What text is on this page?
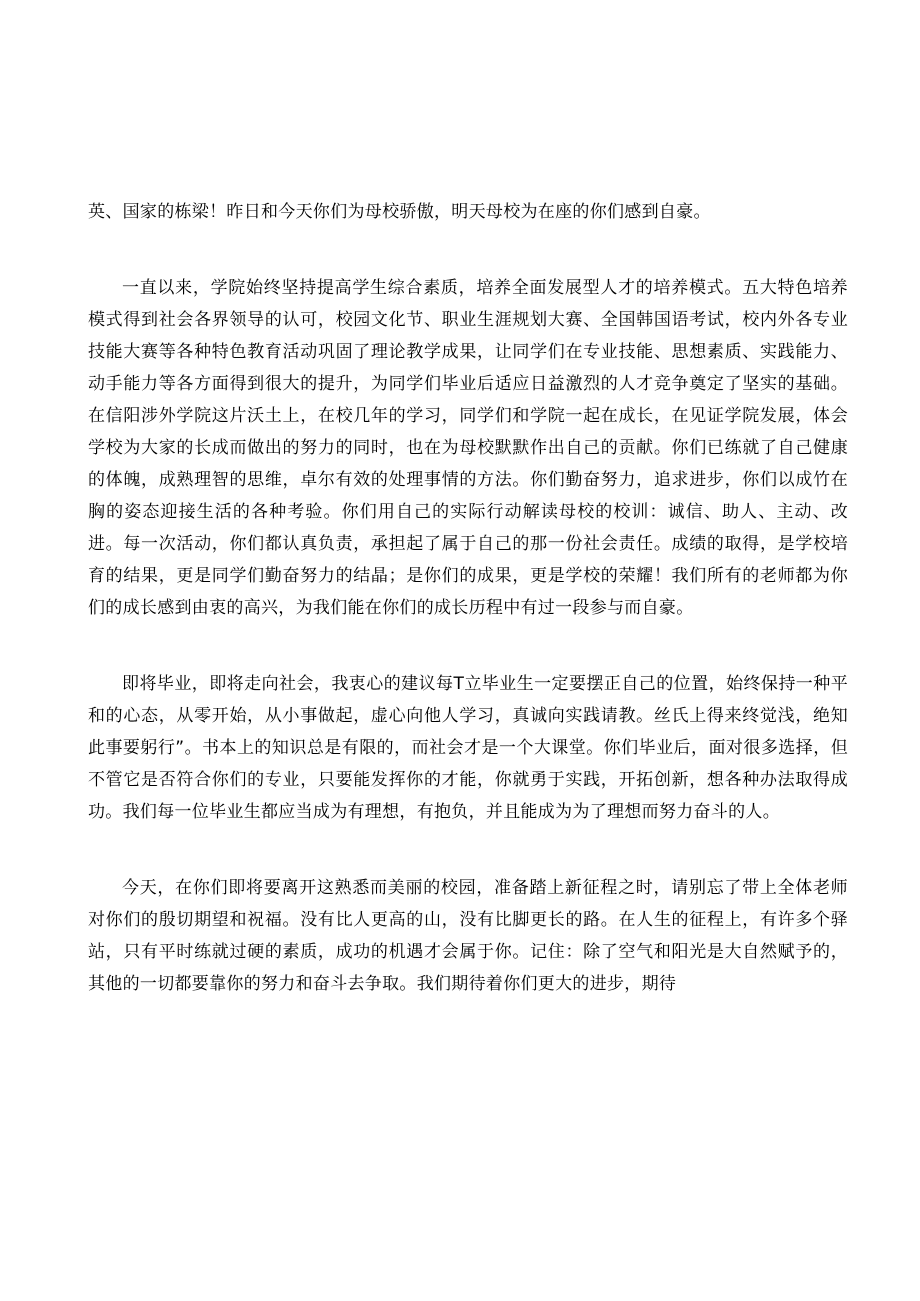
英、国家的栋梁！昨日和今天你们为母校骄傲，明天母校为在座的你们感到自豪。

一直以来，学院始终坚持提高学生综合素质，培养全面发展型人才的培养模式。五大特色培养模式得到社会各界领导的认可，校园文化节、职业生涯规划大赛、全国韩国语考试，校内外各专业技能大赛等各种特色教育活动巩固了理论教学成果，让同学们在专业技能、思想素质、实践能力、动手能力等各方面得到很大的提升，为同学们毕业后适应日益激烈的人才竞争奠定了坚实的基础。在信阳涉外学院这片沃土上，在校几年的学习，同学们和学院一起在成长，在见证学院发展，体会学校为大家的长成而做出的努力的同时，也在为母校默默作出自己的贡献。你们已练就了自己健康的体魄，成熟理智的思维，卓尔有效的处理事情的方法。你们勤奋努力，追求进步，你们以成竹在胸的姿态迎接生活的各种考验。你们用自己的实际行动解读母校的校训：诚信、助人、主动、改进。每一次活动，你们都认真负责，承担起了属于自己的那一份社会责任。成绩的取得，是学校培育的结果，更是同学们勤奋努力的结晶；是你们的成果，更是学校的荣耀！我们所有的老师都为你们的成长感到由衷的高兴，为我们能在你们的成长历程中有过一段参与而自豪。

即将毕业，即将走向社会，我衷心的建议每T立毕业生一定要摆正自己的位置，始终保持一种平和的心态，从零开始，从小事做起，虚心向他人学习，真诚向实践请教。丝氏上得来终觉浅，绝知此事要躬行”。书本上的知识总是有限的，而社会才是一个大课堂。你们毕业后，面对很多选择，但不管它是否符合你们的专业，只要能发挥你的才能，你就勇于实践，开拓创新，想各种办法取得成功。我们每一位毕业生都应当成为有理想，有抱负，并且能成为为了理想而努力奋斗的人。

今天，在你们即将要离开这熟悉而美丽的校园，准备踏上新征程之时，请别忘了带上全体老师对你们的殷切期望和祝福。没有比人更高的山，没有比脚更长的路。在人生的征程上，有许多个驿站，只有平时练就过硬的素质，成功的机遇才会属于你。记住：除了空气和阳光是大自然赋予的，其他的一切都要靠你的努力和奋斗去争取。我们期待着你们更大的进步，期待
